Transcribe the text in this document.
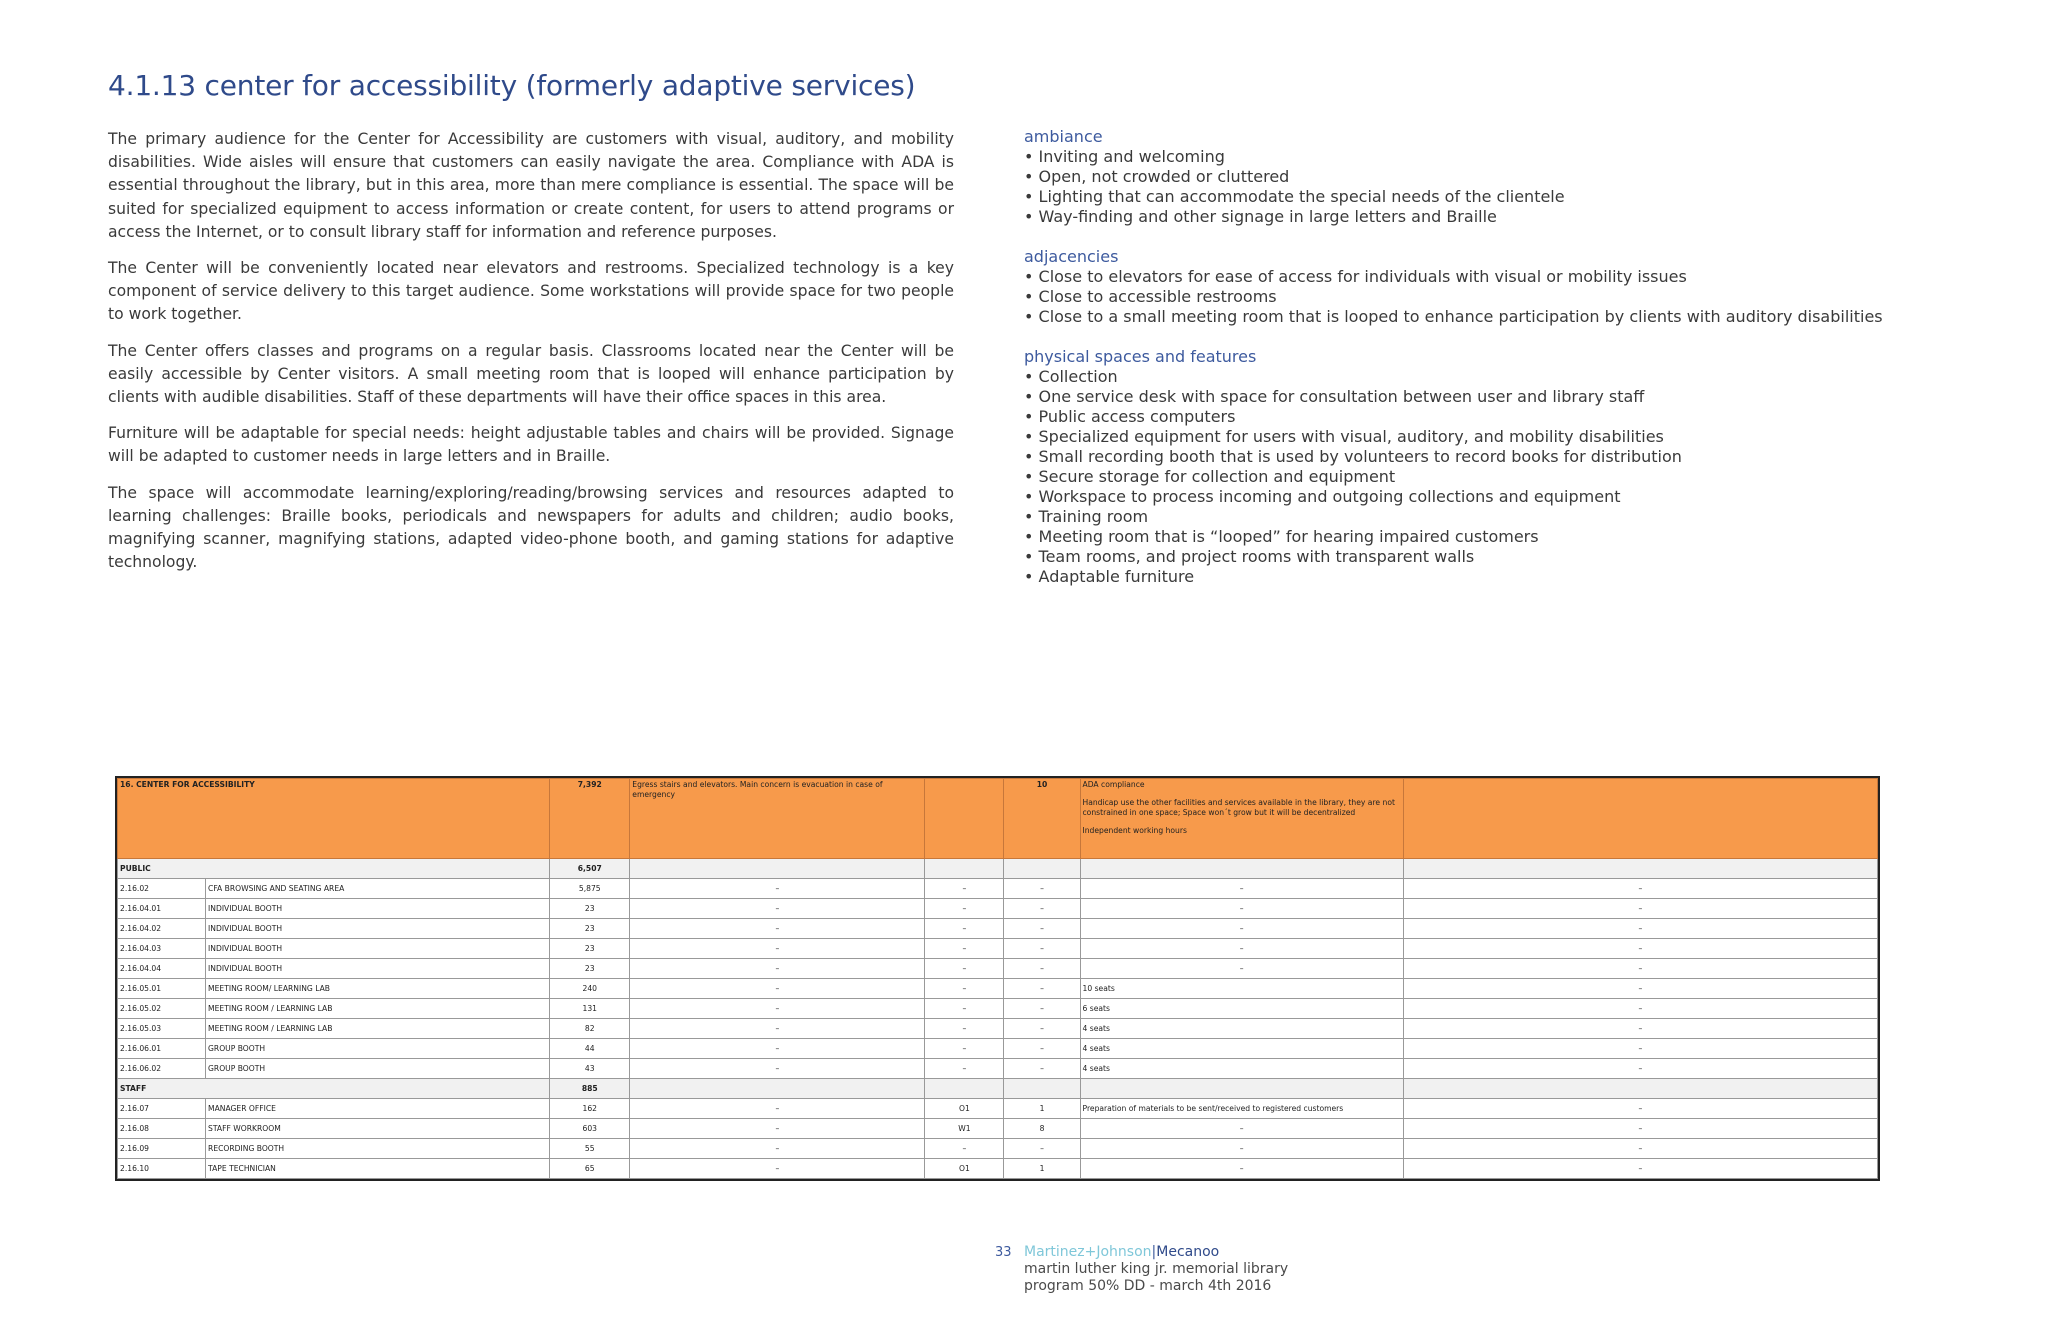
4.1.13 center for accessibility (formerly adaptive services)

The primary audience for the Center for Accessibility are customers with visual, auditory, and mobility disabilities. Wide aisles will ensure that customers can easily navigate the area. Compliance with ADA is essential throughout the library, but in this area, more than mere compliance is essential. The space will be suited for specialized equipment to access information or create content, for users to attend programs or access the Internet, or to consult library staff for information and reference purposes.

The Center will be conveniently located near elevators and restrooms. Specialized technology is a key component of service delivery to this target audience. Some workstations will provide space for two people to work together.

The Center offers classes and programs on a regular basis. Classrooms located near the Center will be easily accessible by Center visitors. A small meeting room that is looped will enhance participation by clients with audible disabilities. Staff of these departments will have their office spaces in this area.

Furniture will be adaptable for special needs: height adjustable tables and chairs will be provided. Signage will be adapted to customer needs in large letters and in Braille.

The space will accommodate learning/exploring/reading/browsing services and resources adapted to learning challenges: Braille books, periodicals and newspapers for adults and children; audio books, magnifying scanner, magnifying stations, adapted video-phone booth, and gaming stations for adaptive technology.

ambiance
• Inviting and welcoming
• Open, not crowded or cluttered
• Lighting that can accommodate the special needs of the clientele
• Way-finding and other signage in large letters and Braille
adjacencies
• Close to elevators for ease of access for individuals with visual or mobility issues
• Close to accessible restrooms
• Close to a small meeting room that is looped to enhance participation by clients with auditory disabilities
physical spaces and features
• Collection
• One service desk with space for consultation between user and library staff
• Public access computers
• Specialized equipment for users with visual, auditory, and mobility disabilities
• Small recording booth that is used by volunteers to record books for distribution
• Secure storage for collection and equipment
• Workspace to process incoming and outgoing collections and equipment
• Training room
• Meeting room that is “looped” for hearing impaired customers
• Team rooms, and project rooms with transparent walls
• Adaptable furniture
16. CENTER FOR ACCESSIBILITY		7,392	Egress stairs and elevators. Main concern is evacuation in case of emergency		10	ADA compliance
Handicap use the other facilities and services available in the library, they are not constrained in one space; Space won´t grow but it will be decentralized
Independent working hours	

PUBLIC		6,507					
2.16.02	CFA BROWSING AND SEATING AREA	5,875	–	–	–	–	–
2.16.04.01	INDIVIDUAL BOOTH	23	–	–	–	–	–
2.16.04.02	INDIVIDUAL BOOTH	23	–	–	–	–	–
2.16.04.03	INDIVIDUAL BOOTH	23	–	–	–	–	–
2.16.04.04	INDIVIDUAL BOOTH	23	–	–	–	–	–
2.16.05.01	MEETING ROOM/ LEARNING LAB	240	–	–	–	10 seats	–
2.16.05.02	MEETING ROOM / LEARNING LAB	131	–	–	–	6 seats	–
2.16.05.03	MEETING ROOM / LEARNING LAB	82	–	–	–	4 seats	–
2.16.06.01	GROUP BOOTH	44	–	–	–	4 seats	–
2.16.06.02	GROUP BOOTH	43	–	–	–	4 seats	–
STAFF		885					
2.16.07	MANAGER OFFICE	162	–	O1	1	Preparation of materials to be sent/received to registered customers	–
2.16.08	STAFF WORKROOM	603	–	W1	8	–	–
2.16.09	RECORDING BOOTH	55	–	–	–	–	–
2.16.10	TAPE TECHNICIAN	65	–	O1	1	–	–
33 Martinez+Johnson|Mecanoo
martin luther king jr. memorial library
program 50% DD - march 4th 2016
